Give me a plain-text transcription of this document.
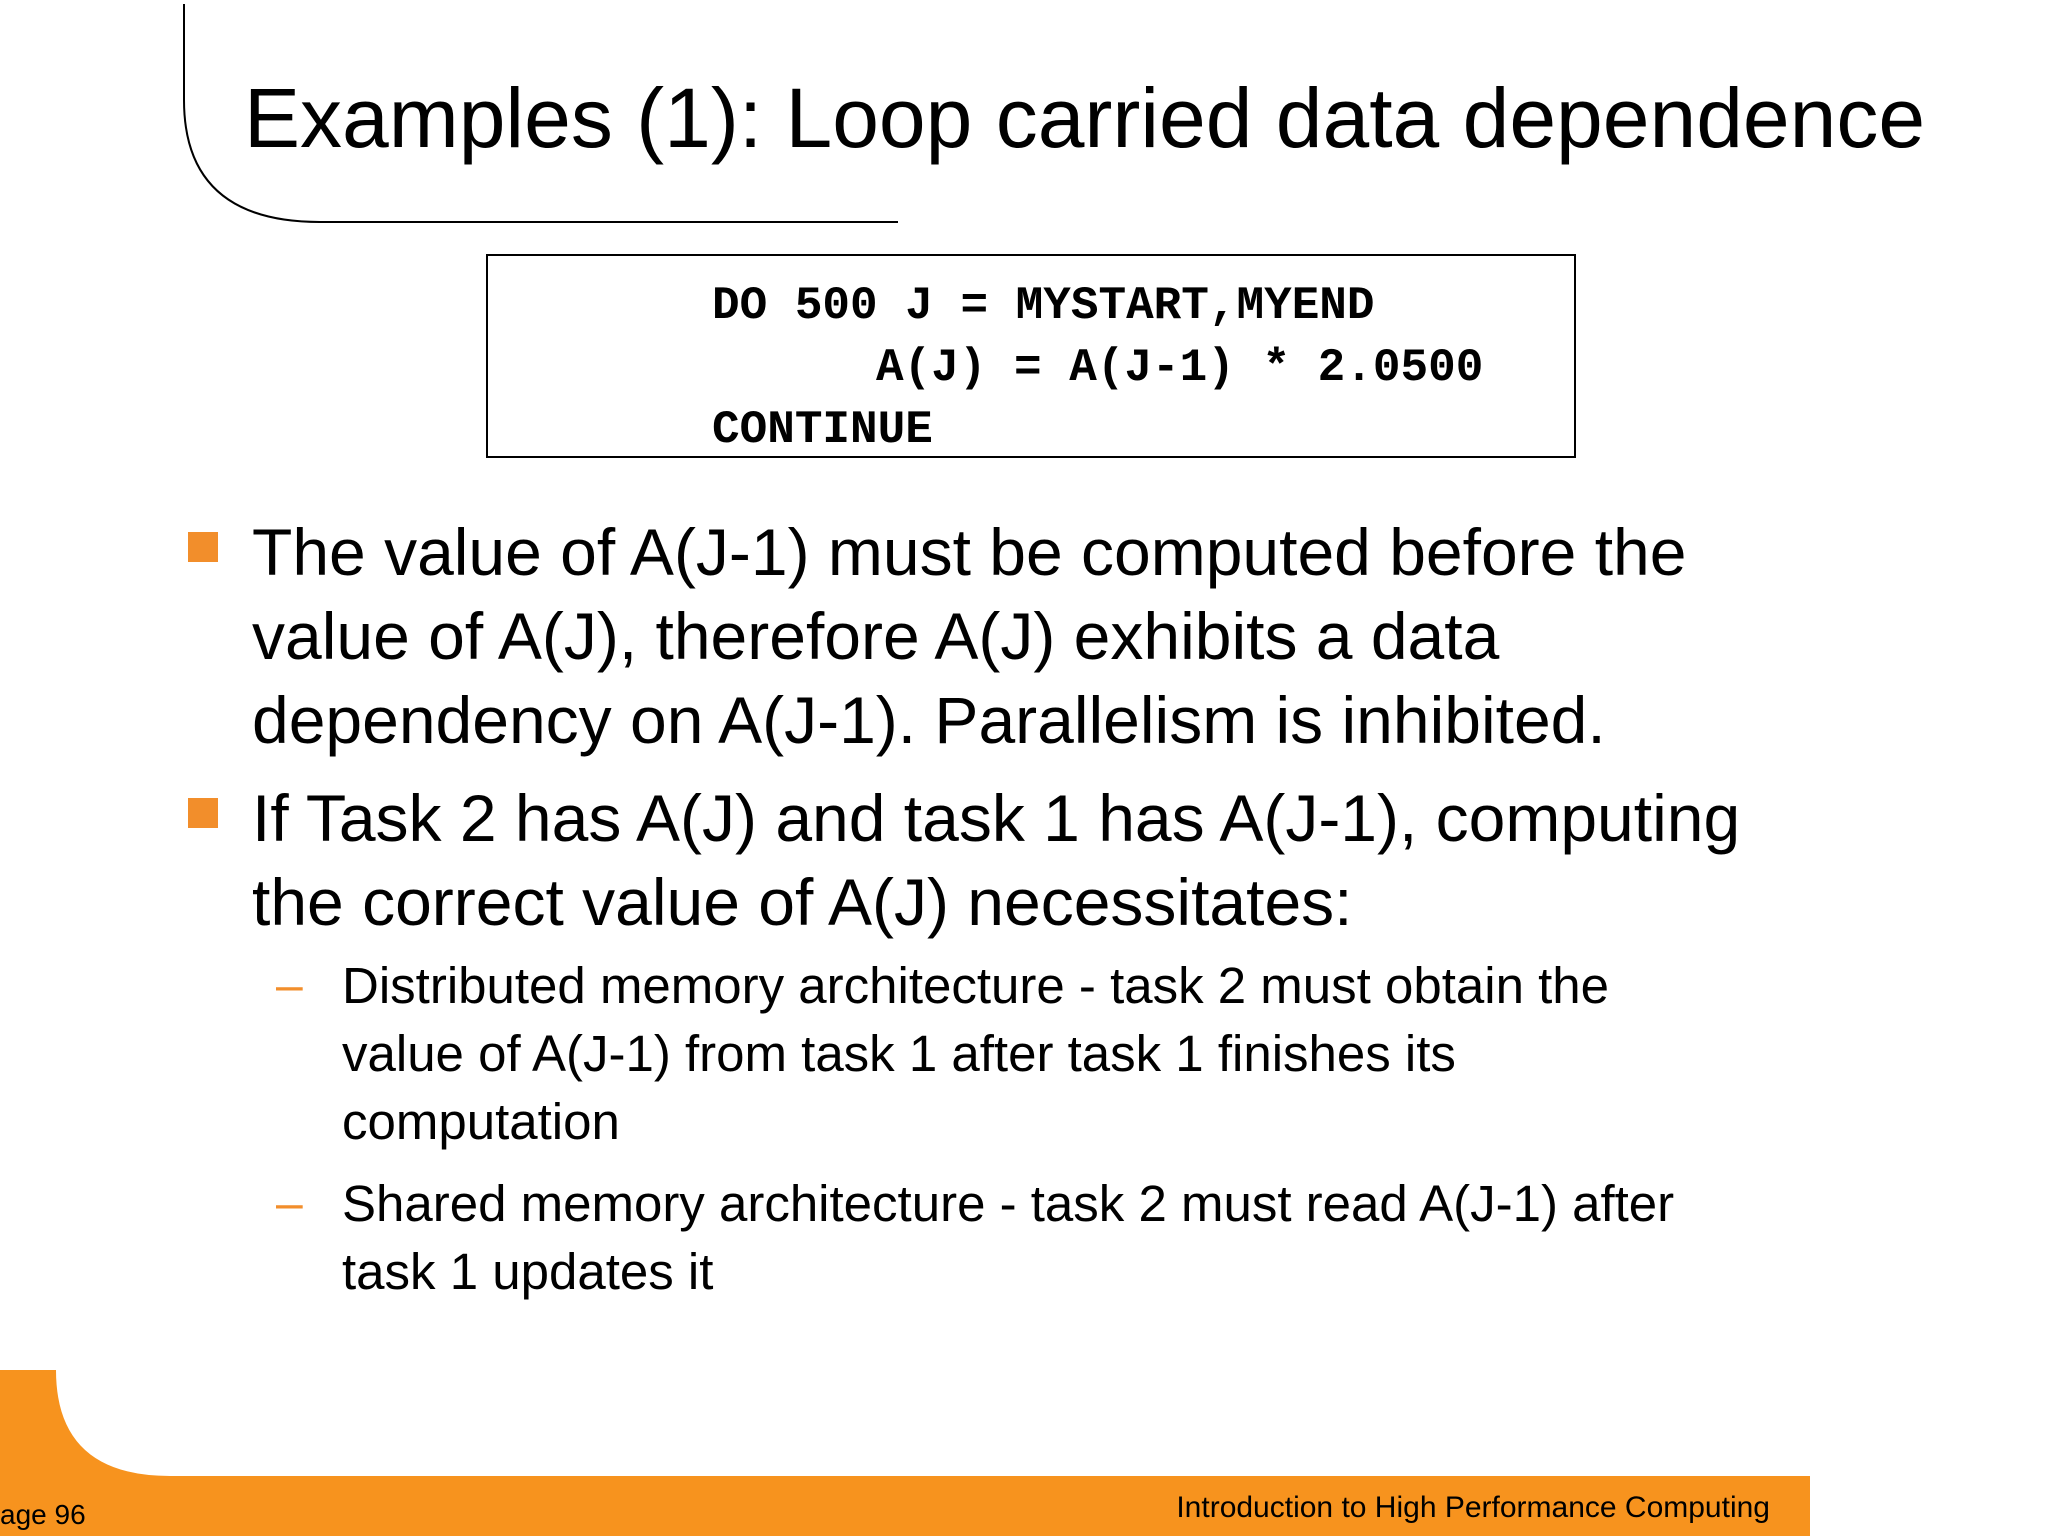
Examples (1): Loop carried data dependence
DO 500 J = MYSTART,MYEND
A(J) = A(J-1) * 2.0500
CONTINUE

The value of A(J-1) must be computed before the

value of A(J), therefore A(J) exhibits a data

dependency on A(J-1). Parallelism is inhibited.

If Task 2 has A(J) and task 1 has A(J-1), computing

the correct value of A(J) necessitates:

– Distributed memory architecture - task 2 must obtain the

value of A(J-1) from task 1 after task 1 finishes its

computation

– Shared memory architecture - task 2 must read A(J-1) after

task 1 updates it

age 96	Introduction to High Performance Computing
